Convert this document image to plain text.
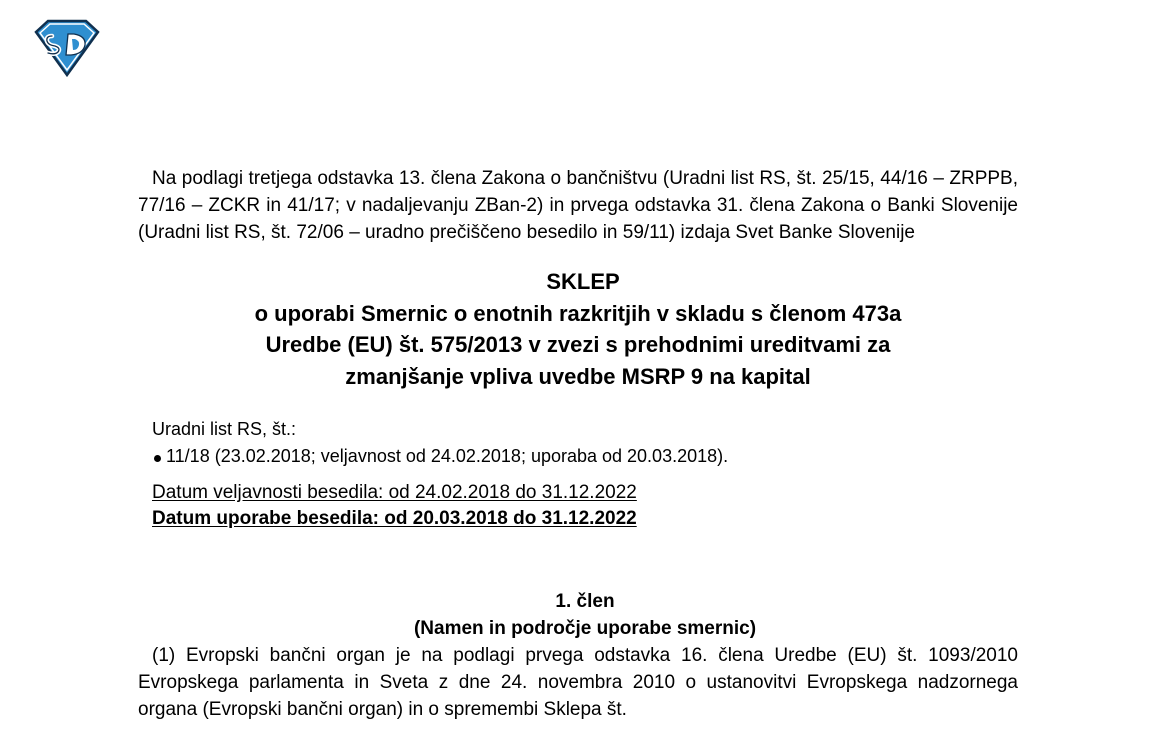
Na podlagi tretjega odstavka 13. člena Zakona o bančništvu (Uradni list RS, št. 25/15, 44/16 – ZRPPB, 77/16 – ZCKR in 41/17; v nadaljevanju ZBan-2) in prvega odstavka 31. člena Zakona o Banki Slovenije (Uradni list RS, št. 72/06 – uradno prečiščeno besedilo in 59/11) izdaja Svet Banke Slovenije

SKLEP
o uporabi Smernic o enotnih razkritjih v skladu s členom 473a Uredbe (EU) št. 575/2013 v zvezi s prehodnimi ureditvami za zmanjšanje vpliva uvedbe MSRP 9 na kapital
Uradni list RS, št.:
11/18 (23.02.2018; veljavnost od 24.02.2018; uporaba od 20.03.2018).
Datum veljavnosti besedila: od 24.02.2018 do 31.12.2022
Datum uporabe besedila: od 20.03.2018 do 31.12.2022
1. člen
(Namen in področje uporabe smernic)

(1) Evropski bančni organ je na podlagi prvega odstavka 16. člena Uredbe (EU) št. 1093/2010 Evropskega parlamenta in Sveta z dne 24. novembra 2010 o ustanovitvi Evropskega nadzornega organa (Evropski bančni organ) in o spremembi Sklepa št.
